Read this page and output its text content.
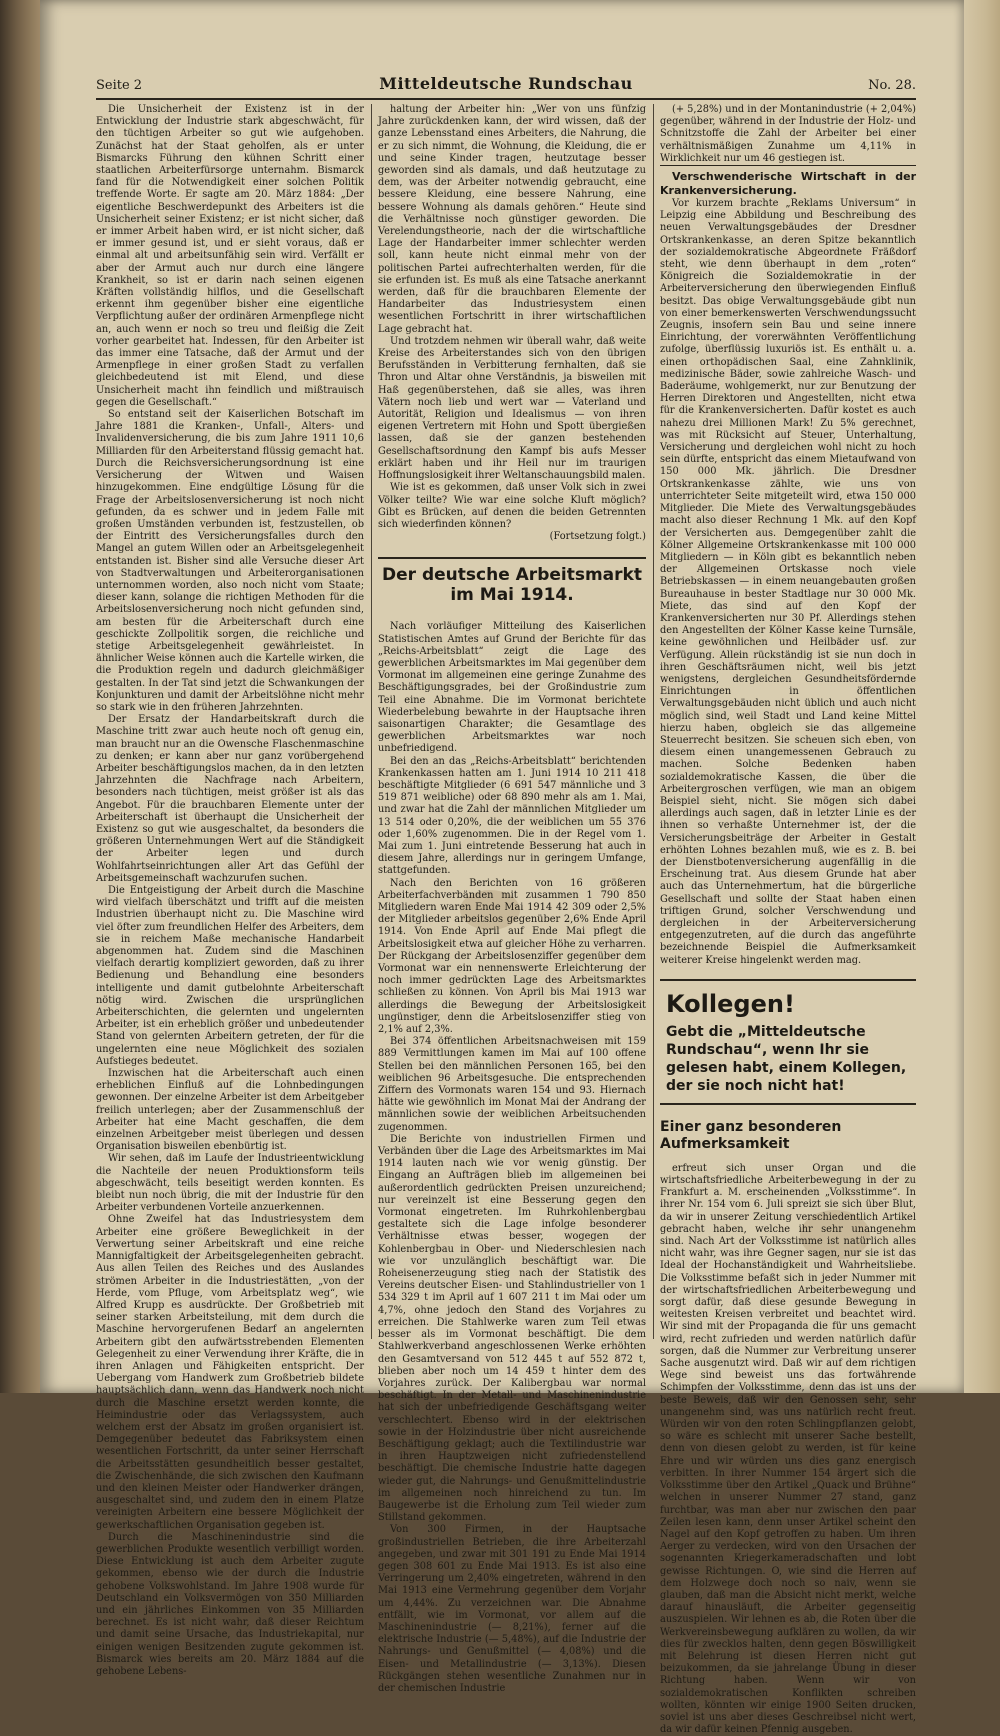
Seite 2	Mitteldeutsche Rundschau	No. 28.

Die Unsicherheit der Existenz ist in der Entwicklung der Industrie stark abgeschwächt, für den tüchtigen Arbeiter so gut wie aufgehoben. Zunächst hat der Staat geholfen, als er unter Bismarcks Führung den kühnen Schritt einer staatlichen Arbeiterfürsorge unternahm. Bismarck fand für die Notwendigkeit einer solchen Politik treffende Worte. Er sagte am 20. März 1884: „Der eigentliche Beschwerdepunkt des Arbeiters ist die Unsicherheit seiner Existenz; er ist nicht sicher, daß er immer Arbeit haben wird, er ist nicht sicher, daß er immer gesund ist, und er sieht voraus, daß er einmal alt und arbeitsunfähig sein wird. Verfällt er aber der Armut auch nur durch eine längere Krankheit, so ist er darin nach seinen eigenen Kräften vollständig hilflos, und die Gesellschaft erkennt ihm gegenüber bisher eine eigentliche Verpflichtung außer der ordinären Armenpflege nicht an, auch wenn er noch so treu und fleißig die Zeit vorher gearbeitet hat. Indessen, für den Arbeiter ist das immer eine Tatsache, daß der Armut und der Armenpflege in einer großen Stadt zu verfallen gleichbedeutend ist mit Elend, und diese Unsicherheit macht ihn feindlich und mißtrauisch gegen die Gesellschaft.“

So entstand seit der Kaiserlichen Botschaft im Jahre 1881 die Kranken-, Unfall-, Alters- und Invalidenversicherung, die bis zum Jahre 1911 10,6 Milliarden für den Arbeiterstand flüssig gemacht hat. Durch die Reichsversicherungsordnung ist eine Versicherung der Witwen und Waisen hinzugekommen. Eine endgültige Lösung für die Frage der Arbeitslosenversicherung ist noch nicht gefunden, da es schwer und in jedem Falle mit großen Umständen verbunden ist, festzustellen, ob der Eintritt des Versicherungsfalles durch den Mangel an gutem Willen oder an Arbeitsgelegenheit entstanden ist. Bisher sind alle Versuche dieser Art von Stadtverwaltungen und Arbeiterorganisationen unternommen worden, also noch nicht vom Staate; dieser kann, solange die richtigen Methoden für die Arbeitslosenversicherung noch nicht gefunden sind, am besten für die Arbeiterschaft durch eine geschickte Zollpolitik sorgen, die reichliche und stetige Arbeitsgelegenheit gewährleistet. In ähnlicher Weise können auch die Kartelle wirken, die die Produktion regeln und dadurch gleichmäßiger gestalten. In der Tat sind jetzt die Schwankungen der Konjunkturen und damit der Arbeitslöhne nicht mehr so stark wie in den früheren Jahrzehnten.

Der Ersatz der Handarbeitskraft durch die Maschine tritt zwar auch heute noch oft genug ein, man braucht nur an die Owensche Flaschenmaschine zu denken; er kann aber nur ganz vorübergehend Arbeiter beschäftigungslos machen, da in den letzten Jahrzehnten die Nachfrage nach Arbeitern, besonders nach tüchtigen, meist größer ist als das Angebot. Für die brauchbaren Elemente unter der Arbeiterschaft ist überhaupt die Unsicherheit der Existenz so gut wie ausgeschaltet, da besonders die größeren Unternehmungen Wert auf die Ständigkeit der Arbeiter legen und durch Wohlfahrtseinrichtungen aller Art das Gefühl der Arbeitsgemeinschaft wachzurufen suchen.

Die Entgeistigung der Arbeit durch die Maschine wird vielfach überschätzt und trifft auf die meisten Industrien überhaupt nicht zu. Die Maschine wird viel öfter zum freundlichen Helfer des Arbeiters, dem sie in reichem Maße mechanische Handarbeit abgenommen hat. Zudem sind die Maschinen vielfach derartig kompliziert geworden, daß zu ihrer Bedienung und Behandlung eine besonders intelligente und damit gutbelohnte Arbeiterschaft nötig wird. Zwischen die ursprünglichen Arbeiterschichten, die gelernten und ungelernten Arbeiter, ist ein erheblich größer und unbedeutender Stand von gelernten Arbeitern getreten, der für die ungelernten eine neue Möglichkeit des sozialen Aufstieges bedeutet.

Inzwischen hat die Arbeiterschaft auch einen erheblichen Einfluß auf die Lohnbedingungen gewonnen. Der einzelne Arbeiter ist dem Arbeitgeber freilich unterlegen; aber der Zusammenschluß der Arbeiter hat eine Macht geschaffen, die dem einzelnen Arbeitgeber meist überlegen und dessen Organisation bisweilen ebenbürtig ist.

Wir sehen, daß im Laufe der Industrieentwicklung die Nachteile der neuen Produktionsform teils abgeschwächt, teils beseitigt werden konnten. Es bleibt nun noch übrig, die mit der Industrie für den Arbeiter verbundenen Vorteile anzuerkennen.

Ohne Zweifel hat das Industriesystem dem Arbeiter eine größere Beweglichkeit in der Verwertung seiner Arbeitskraft und eine reiche Mannigfaltigkeit der Arbeitsgelegenheiten gebracht. Aus allen Teilen des Reiches und des Auslandes strömen Arbeiter in die Industriestätten, „von der Herde, vom Pfluge, vom Arbeitsplatz weg“, wie Alfred Krupp es ausdrückte. Der Großbetrieb mit seiner starken Arbeitsteilung, mit dem durch die Maschine hervorgerufenen Bedarf an angelernten Arbeitern gibt den aufwärtsstrebenden Elementen Gelegenheit zu einer Verwendung ihrer Kräfte, die in ihren Anlagen und Fähigkeiten entspricht. Der Uebergang vom Handwerk zum Großbetrieb bildete hauptsächlich dann, wenn das Handwerk noch nicht durch die Maschine ersetzt werden konnte, die Heimindustrie oder das Verlagssystem, auch welchem erst der Absatz im großen organisiert ist. Demgegenüber bedeutet das Fabriksystem einen wesentlichen Fortschritt, da unter seiner Herrschaft die Arbeitsstätten gesundheitlich besser gestaltet, die Zwischenhände, die sich zwischen den Kaufmann und den kleinen Meister oder Handwerker drängen, ausgeschaltet sind, und zudem den in einem Platze vereinigten Arbeitern eine bessere Möglichkeit der gewerkschaftlichen Organisation gegeben ist.

Durch die Maschinenindustrie sind die gewerblichen Produkte wesentlich verbilligt worden. Diese Entwicklung ist auch dem Arbeiter zugute gekommen, ebenso wie der durch die Industrie gehobene Volkswohlstand. Im Jahre 1908 wurde für Deutschland ein Volksvermögen von 350 Milliarden und ein jährliches Einkommen von 35 Milliarden berechnet. Es ist nicht wahr, daß dieser Reichtum und damit seine Ursache, das Industriekapital, nur einigen wenigen Besitzenden zugute gekommen ist. Bismarck wies bereits am 20. März 1884 auf die gehobene Lebens-

haltung der Arbeiter hin: „Wer von uns fünfzig Jahre zurückdenken kann, der wird wissen, daß der ganze Lebensstand eines Arbeiters, die Nahrung, die er zu sich nimmt, die Wohnung, die Kleidung, die er und seine Kinder tragen, heutzutage besser geworden sind als damals, und daß heutzutage zu dem, was der Arbeiter notwendig gebraucht, eine bessere Kleidung, eine bessere Nahrung, eine bessere Wohnung als damals gehören.“ Heute sind die Verhältnisse noch günstiger geworden. Die Verelendungstheorie, nach der die wirtschaftliche Lage der Handarbeiter immer schlechter werden soll, kann heute nicht einmal mehr von der politischen Partei aufrechterhalten werden, für die sie erfunden ist. Es muß als eine Tatsache anerkannt werden, daß für die brauchbaren Elemente der Handarbeiter das Industriesystem einen wesentlichen Fortschritt in ihrer wirtschaftlichen Lage gebracht hat.

Und trotzdem nehmen wir überall wahr, daß weite Kreise des Arbeiterstandes sich von den übrigen Berufsständen in Verbitterung fernhalten, daß sie Thron und Altar ohne Verständnis, ja bisweilen mit Haß gegenüberstehen, daß sie alles, was ihren Vätern noch lieb und wert war — Vaterland und Autorität, Religion und Idealismus — von ihren eigenen Vertretern mit Hohn und Spott übergießen lassen, daß sie der ganzen bestehenden Gesellschaftsordnung den Kampf bis aufs Messer erklärt haben und ihr Heil nur im traurigen Hoffnungslosigkeit ihrer Weltanschauungsbild malen.

Wie ist es gekommen, daß unser Volk sich in zwei Völker teilte? Wie war eine solche Kluft möglich? Gibt es Brücken, auf denen die beiden Getrennten sich wiederfinden können?

(Fortsetzung folgt.)

Der deutsche Arbeitsmarkt im Mai 1914.

Nach vorläufiger Mitteilung des Kaiserlichen Statistischen Amtes auf Grund der Berichte für das „Reichs-Arbeitsblatt“ zeigt die Lage des gewerblichen Arbeitsmarktes im Mai gegenüber dem Vormonat im allgemeinen eine geringe Zunahme des Beschäftigungsgrades, bei der Großindustrie zum Teil eine Abnahme. Die im Vormonat berichtete Wiederbelebung bewahrte in der Hauptsache ihren saisonartigen Charakter; die Gesamtlage des gewerblichen Arbeitsmarktes war noch unbefriedigend.

Bei den an das „Reichs-Arbeitsblatt“ berichtenden Krankenkassen hatten am 1. Juni 1914 10 211 418 beschäftigte Mitglieder (6 691 547 männliche und 3 519 871 weibliche) oder 68 890 mehr als am 1. Mai, und zwar hat die Zahl der männlichen Mitglieder um 13 514 oder 0,20%, die der weiblichen um 55 376 oder 1,60% zugenommen. Die in der Regel vom 1. Mai zum 1. Juni eintretende Besserung hat auch in diesem Jahre, allerdings nur in geringem Umfange, stattgefunden.

Nach den Berichten von 16 größeren Arbeiterfachverbänden mit zusammen 1 790 850 Mitgliedern waren Ende Mai 1914 42 309 oder 2,5% der Mitglieder arbeitslos gegenüber 2,6% Ende April 1914. Von Ende April auf Ende Mai pflegt die Arbeitslosigkeit etwa auf gleicher Höhe zu verharren. Der Rückgang der Arbeitslosenziffer gegenüber dem Vormonat war ein nennenswerte Erleichterung der noch immer gedrückten Lage des Arbeitsmarktes schließen zu können. Von April bis Mai 1913 war allerdings die Bewegung der Arbeitslosigkeit ungünstiger, denn die Arbeitslosenziffer stieg von 2,1% auf 2,3%.

Bei 374 öffentlichen Arbeitsnachweisen mit 159 889 Vermittlungen kamen im Mai auf 100 offene Stellen bei den männlichen Personen 165, bei den weiblichen 96 Arbeitsgesuche. Die entsprechenden Ziffern des Vormonats waren 154 und 93. Hiernach hätte wie gewöhnlich im Monat Mai der Andrang der männlichen sowie der weiblichen Arbeitsuchenden zugenommen.

Die Berichte von industriellen Firmen und Verbänden über die Lage des Arbeitsmarktes im Mai 1914 lauten nach wie vor wenig günstig. Der Eingang an Aufträgen blieb im allgemeinen bei außerordentlich gedrückten Preisen unzureichend; nur vereinzelt ist eine Besserung gegen den Vormonat eingetreten. Im Ruhrkohlenbergbau gestaltete sich die Lage infolge besonderer Verhältnisse etwas besser, wogegen der Kohlenbergbau in Ober- und Niederschlesien nach wie vor unzulänglich beschäftigt war. Die Roheisenerzeugung stieg nach der Statistik des Vereins deutscher Eisen- und Stahlindustrieller von 1 534 329 t im April auf 1 607 211 t im Mai oder um 4,7%, ohne jedoch den Stand des Vorjahres zu erreichen. Die Stahlwerke waren zum Teil etwas besser als im Vormonat beschäftigt. Die dem Stahlwerkverband angeschlossenen Werke erhöhten den Gesamtversand von 512 445 t auf 552 872 t, blieben aber noch um 14 459 t hinter dem des Vorjahres zurück. Der Kalibergbau war normal beschäftigt. In der Metall- und Maschinenindustrie hat sich der unbefriedigende Geschäftsgang weiter verschlechtert. Ebenso wird in der elektrischen sowie in der Holzindustrie über nicht ausreichende Beschäftigung geklagt; auch die Textilindustrie war in ihren Hauptzweigen nicht zufriedenstellend beschäftigt. Die chemische Industrie hatte dagegen wieder gut, die Nahrungs- und Genußmittelindustrie im allgemeinen noch hinreichend zu tun. Im Baugewerbe ist die Erholung zum Teil wieder zum Stillstand gekommen.

Von 300 Firmen, in der Hauptsache großindustriellen Betrieben, die ihre Arbeiterzahl angegeben, und zwar mit 301 191 zu Ende Mai 1914 gegen 308 601 zu Ende Mai 1913. Es ist also eine Verringerung um 2,40% eingetreten, während in den Mai 1913 eine Vermehrung gegenüber dem Vorjahr um 4,44%. Zu verzeichnen war. Die Abnahme entfällt, wie im Vormonat, vor allem auf die Maschinenindustrie (— 8,21%), ferner auf die elektrische Industrie (— 5,48%), auf die Industrie der Nahrungs- und Genußmittel (— 4,08%) und die Eisen- und Metallindustrie (— 3,13%). Diesen Rückgängen stehen wesentliche Zunahmen nur in der chemischen Industrie

(+ 5,28%) und in der Montanindustrie (+ 2,04%) gegenüber, während in der Industrie der Holz- und Schnitzstoffe die Zahl der Arbeiter bei einer verhältnismäßigen Zunahme um 4,11% in Wirklichkeit nur um 46 gestiegen ist.

Verschwenderische Wirtschaft in der Krankenversicherung.

Vor kurzem brachte „Reklams Universum“ in Leipzig eine Abbildung und Beschreibung des neuen Verwaltungsgebäudes der Dresdner Ortskrankenkasse, an deren Spitze bekanntlich der sozialdemokratische Abgeordnete Fräßdorf steht, wie denn überhaupt in dem „roten“ Königreich die Sozialdemokratie in der Arbeiterversicherung den überwiegenden Einfluß besitzt. Das obige Verwaltungsgebäude gibt nun von einer bemerkenswerten Verschwendungssucht Zeugnis, insofern sein Bau und seine innere Einrichtung, der vorerwähnten Veröffentlichung zufolge, überflüssig luxuriös ist. Es enthält u. a. einen orthopädischen Saal, eine Zahnklinik, medizinische Bäder, sowie zahlreiche Wasch- und Baderäume, wohlgemerkt, nur zur Benutzung der Herren Direktoren und Angestellten, nicht etwa für die Krankenversicherten. Dafür kostet es auch nahezu drei Millionen Mark! Zu 5% gerechnet, was mit Rücksicht auf Steuer, Unterhaltung, Versicherung und dergleichen wohl nicht zu hoch sein dürfte, entspricht das einem Mietaufwand von 150 000 Mk. jährlich. Die Dresdner Ortskrankenkasse zählte, wie uns von unterrichteter Seite mitgeteilt wird, etwa 150 000 Mitglieder. Die Miete des Verwaltungsgebäudes macht also dieser Rechnung 1 Mk. auf den Kopf der Versicherten aus. Demgegenüber zahlt die Kölner Allgemeine Ortskrankenkasse mit 100 000 Mitgliedern — in Köln gibt es bekanntlich neben der Allgemeinen Ortskasse noch viele Betriebskassen — in einem neuangebauten großen Bureauhause in bester Stadtlage nur 30 000 Mk. Miete, das sind auf den Kopf der Krankenversicherten nur 30 Pf. Allerdings stehen den Angestellten der Kölner Kasse keine Turnsäle, keine gewöhnlichen und Heilbäder usf. zur Verfügung. Allein rückständig ist sie nun doch in ihren Geschäftsräumen nicht, weil bis jetzt wenigstens, dergleichen Gesundheitsfördernde Einrichtungen in öffentlichen Verwaltungsgebäuden nicht üblich und auch nicht möglich sind, weil Stadt und Land keine Mittel hierzu haben, obgleich sie das allgemeine Steuerrecht besitzen. Sie scheuen sich eben, von diesem einen unangemessenen Gebrauch zu machen. Solche Bedenken haben sozialdemokratische Kassen, die über die Arbeitergroschen verfügen, wie man an obigem Beispiel sieht, nicht. Sie mögen sich dabei allerdings auch sagen, daß in letzter Linie es der ihnen so verhaßte Unternehmer ist, der die Versicherungsbeiträge der Arbeiter in Gestalt erhöhten Lohnes bezahlen muß, wie es z. B. bei der Dienstbotenversicherung augenfällig in die Erscheinung trat. Aus diesem Grunde hat aber auch das Unternehmertum, hat die bürgerliche Gesellschaft und sollte der Staat haben einen triftigen Grund, solcher Verschwendung und dergleichen in der Arbeiterversicherung entgegenzutreten, auf die durch das angeführte bezeichnende Beispiel die Aufmerksamkeit weiterer Kreise hingelenkt werden mag.

Kollegen!
Gebt die „Mitteldeutsche Rundschau“, wenn Ihr sie gelesen habt, einem Kollegen, der sie noch nicht hat!
Einer ganz besonderen Aufmerksamkeit

erfreut sich unser Organ und die wirtschaftsfriedliche Arbeiterbewegung in der zu Frankfurt a. M. erscheinenden „Volksstimme“. In ihrer Nr. 154 vom 6. Juli spreizt sie sich über Blut, da wir in unserer Zeitung verschiedentlich Artikel gebracht haben, welche ihr sehr unangenehm sind. Nach Art der Volksstimme ist natürlich alles nicht wahr, was ihre Gegner sagen, nur sie ist das Ideal der Hochanständigkeit und Wahrheitsliebe. Die Volksstimme befaßt sich in jeder Nummer mit der wirtschaftsfriedlichen Arbeiterbewegung und sorgt dafür, daß diese gesunde Bewegung in weitesten Kreisen verbreitet und beachtet wird. Wir sind mit der Propaganda die für uns gemacht wird, recht zufrieden und werden natürlich dafür sorgen, daß die Nummer zur Verbreitung unserer Sache ausgenutzt wird. Daß wir auf dem richtigen Wege sind beweist uns das fortwährende Schimpfen der Volksstimme, denn das ist uns der beste Beweis, daß wir den Genossen sehr, sehr unangenehm sind, was uns natürlich recht freut. Würden wir von den roten Schlingpflanzen gelobt, so wäre es schlecht mit unserer Sache bestellt, denn von diesen gelobt zu werden, ist für keine Ehre und wir würden uns dies ganz energisch verbitten. In ihrer Nummer 154 ärgert sich die Volksstimme über den Artikel „Quack und Brühne“ welchen in unserer Nummer 27 stand, ganz furchtbar, was man aber nur zwischen den paar Zeilen lesen kann, denn unser Artikel scheint den Nagel auf den Kopf getroffen zu haben. Um ihren Aerger zu verdecken, wird von den Ursachen der sogenannten Kriegerkameradschaften und lobt gewisse Richtungen. O, wie sind die Herren auf dem Holzwege doch noch so naiv, wenn sie glauben, daß man die Absicht nicht merkt, welche darauf hinausläuft, die Arbeiter gegenseitig auszuspielen. Wir lehnen es ab, die Roten über die Werkvereinsbewegung aufklären zu wollen, da wir dies für zwecklos halten, denn gegen Böswilligkeit mit Belehrung ist diesen Herren nicht gut beizukommen, da sie jahrelange Übung in dieser Richtung haben. Wenn wir von sozialdemokratischen Konflikten schreiben wollten, könnten wir einige 1900 Seiten drucken, soviel ist uns aber dieses Geschreibsel nicht wert, da wir dafür keinen Pfennig ausgeben.
